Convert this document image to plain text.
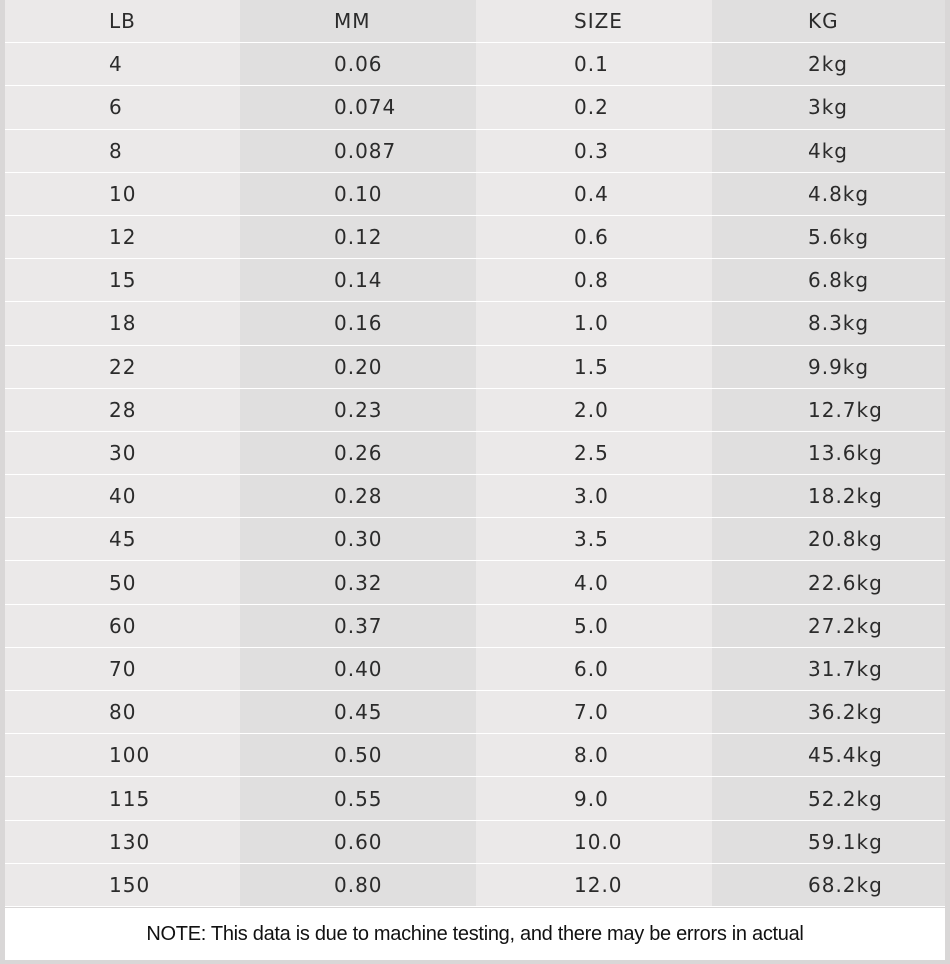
LB	MM	SIZE	KG
4	0.06	0.1	2kg
6	0.074	0.2	3kg
8	0.087	0.3	4kg
10	0.10	0.4	4.8kg
12	0.12	0.6	5.6kg
15	0.14	0.8	6.8kg
18	0.16	1.0	8.3kg
22	0.20	1.5	9.9kg
28	0.23	2.0	12.7kg
30	0.26	2.5	13.6kg
40	0.28	3.0	18.2kg
45	0.30	3.5	20.8kg
50	0.32	4.0	22.6kg
60	0.37	5.0	27.2kg
70	0.40	6.0	31.7kg
80	0.45	7.0	36.2kg
100	0.50	8.0	45.4kg
115	0.55	9.0	52.2kg
130	0.60	10.0	59.1kg
150	0.80	12.0	68.2kg
NOTE: This data is due to machine testing, and there may be errors in actual
